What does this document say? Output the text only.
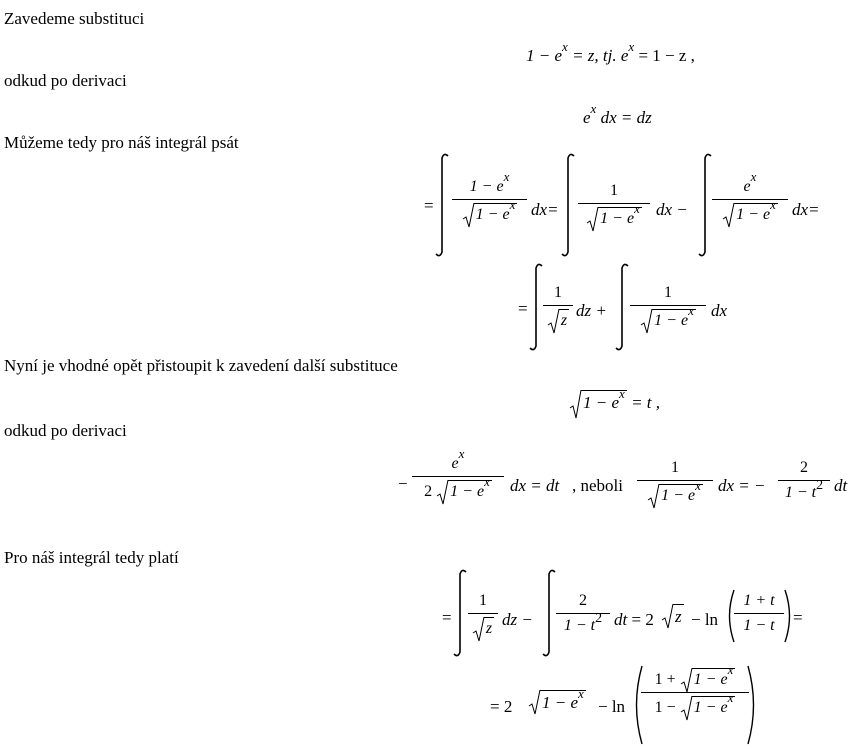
Zavedeme substituci
odkud po derivaci
Můžeme tedy pro náš integrál psát
Nyní je vhodné opět přistoupit k zavedení další substituce
odkud po derivaci
Pro náš integrál tedy platí
$1 - e^x = z$, tj. $e^x = 1 - z$ ,
$e^x$ dx = dz
=
$1 - e^x$
$1 - e^x$ dx=
1
$1 - e^x$ dx −
$e^x$
$1 - e^x$ dx=
=
1
z
dz +
1
$1 - e^x$	dx
$1 - e^x = t$ ,
−
$e^x$
2
$1 - e^x$	dx = dt , neboli
1
$1 - e^x$	dx = −
2
1 − t2 dt
=
1
z dz −
2
1 − t2 dt = 2	z − ln
1 + t
1 − t	=
= 2	$1 - e^x$
− ln
1 +
$1 - e^x$
1 −
$1 - e^x$
